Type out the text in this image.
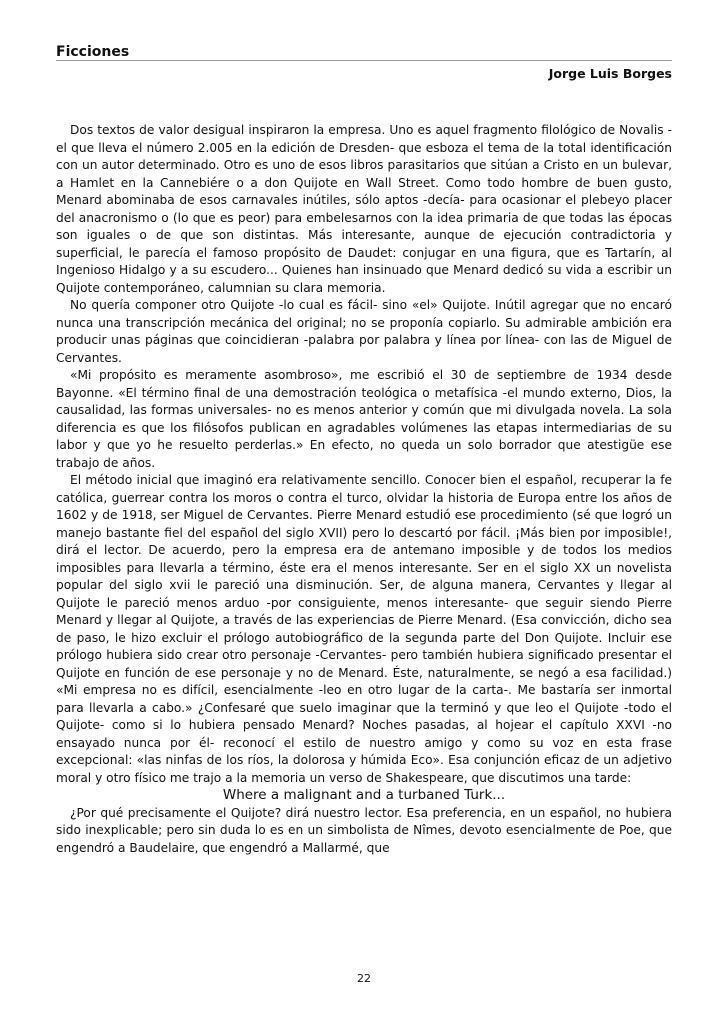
Ficciones
Jorge Luis Borges

Dos textos de valor desigual inspiraron la empresa. Uno es aquel fragmento filológico de Novalis -el que lleva el número 2.005 en la edición de Dresden- que esboza el tema de la total identificación con un autor determinado. Otro es uno de esos libros parasitarios que sitúan a Cristo en un bulevar, a Hamlet en la Cannebiére o a don Quijote en Wall Street. Como todo hombre de buen gusto, Menard abominaba de esos carnavales inútiles, sólo aptos -decía- para ocasionar el plebeyo placer del anacronismo o (lo que es peor) para embelesarnos con la idea primaria de que todas las épocas son iguales o de que son distintas. Más interesante, aunque de ejecución contradictoria y superficial, le parecía el famoso propósito de Daudet: conjugar en una figura, que es Tartarín, al Ingenioso Hidalgo y a su escudero... Quienes han insinuado que Menard dedicó su vida a escribir un Quijote contemporáneo, calumnian su clara memoria.

No quería componer otro Quijote -lo cual es fácil- sino «el» Quijote. Inútil agregar que no encaró nunca una transcripción mecánica del original; no se proponía copiarlo. Su admirable ambición era producir unas páginas que coincidieran -palabra por palabra y línea por línea- con las de Miguel de Cervantes.

«Mi propósito es meramente asombroso», me escribió el 30 de septiembre de 1934 desde Bayonne. «El término final de una demostración teológica o metafísica -el mundo externo, Dios, la causalidad, las formas universales- no es menos anterior y común que mi divulgada novela. La sola diferencia es que los filósofos publican en agradables volúmenes las etapas intermediarias de su labor y que yo he resuelto perderlas.» En efecto, no queda un solo borrador que atestigüe ese trabajo de años.

El método inicial que imaginó era relativamente sencillo. Conocer bien el español, recuperar la fe católica, guerrear contra los moros o contra el turco, olvidar la historia de Europa entre los años de 1602 y de 1918, ser Miguel de Cervantes. Pierre Menard estudió ese procedimiento (sé que logró un manejo bastante fiel del español del siglo XVII) pero lo descartó por fácil. ¡Más bien por imposible!, dirá el lector. De acuerdo, pero la empresa era de antemano imposible y de todos los medios imposibles para llevarla a término, éste era el menos interesante. Ser en el siglo XX un novelista popular del siglo xvii le pareció una disminución. Ser, de alguna manera, Cervantes y llegar al Quijote le pareció menos arduo -por consiguiente, menos interesante- que seguir siendo Pierre Menard y llegar al Quijote, a través de las experiencias de Pierre Menard. (Esa convicción, dicho sea de paso, le hizo excluir el prólogo autobiográfico de la segunda parte del Don Quijote. Incluir ese prólogo hubiera sido crear otro personaje -Cervantes- pero también hubiera significado presentar el Quijote en función de ese personaje y no de Menard. Éste, naturalmente, se negó a esa facilidad.) «Mi empresa no es difícil, esencialmente -leo en otro lugar de la carta-. Me bastaría ser inmortal para llevarla a cabo.» ¿Confesaré que suelo imaginar que la terminó y que leo el Quijote -todo el Quijote- como si lo hubiera pensado Menard? Noches pasadas, al hojear el capítulo XXVI -no ensayado nunca por él- reconocí el estilo de nuestro amigo y como su voz en esta frase excepcional: «las ninfas de los ríos, la dolorosa y húmida Eco». Esa conjunción eficaz de un adjetivo moral y otro físico me trajo a la memoria un verso de Shakespeare, que discutimos una tarde:

Where a malignant and a turbaned Turk...

¿Por qué precisamente el Quijote? dirá nuestro lector. Esa preferencia, en un español, no hubiera sido inexplicable; pero sin duda lo es en un simbolista de Nîmes, devoto esencialmente de Poe, que engendró a Baudelaire, que engendró a Mallarmé, que

22
